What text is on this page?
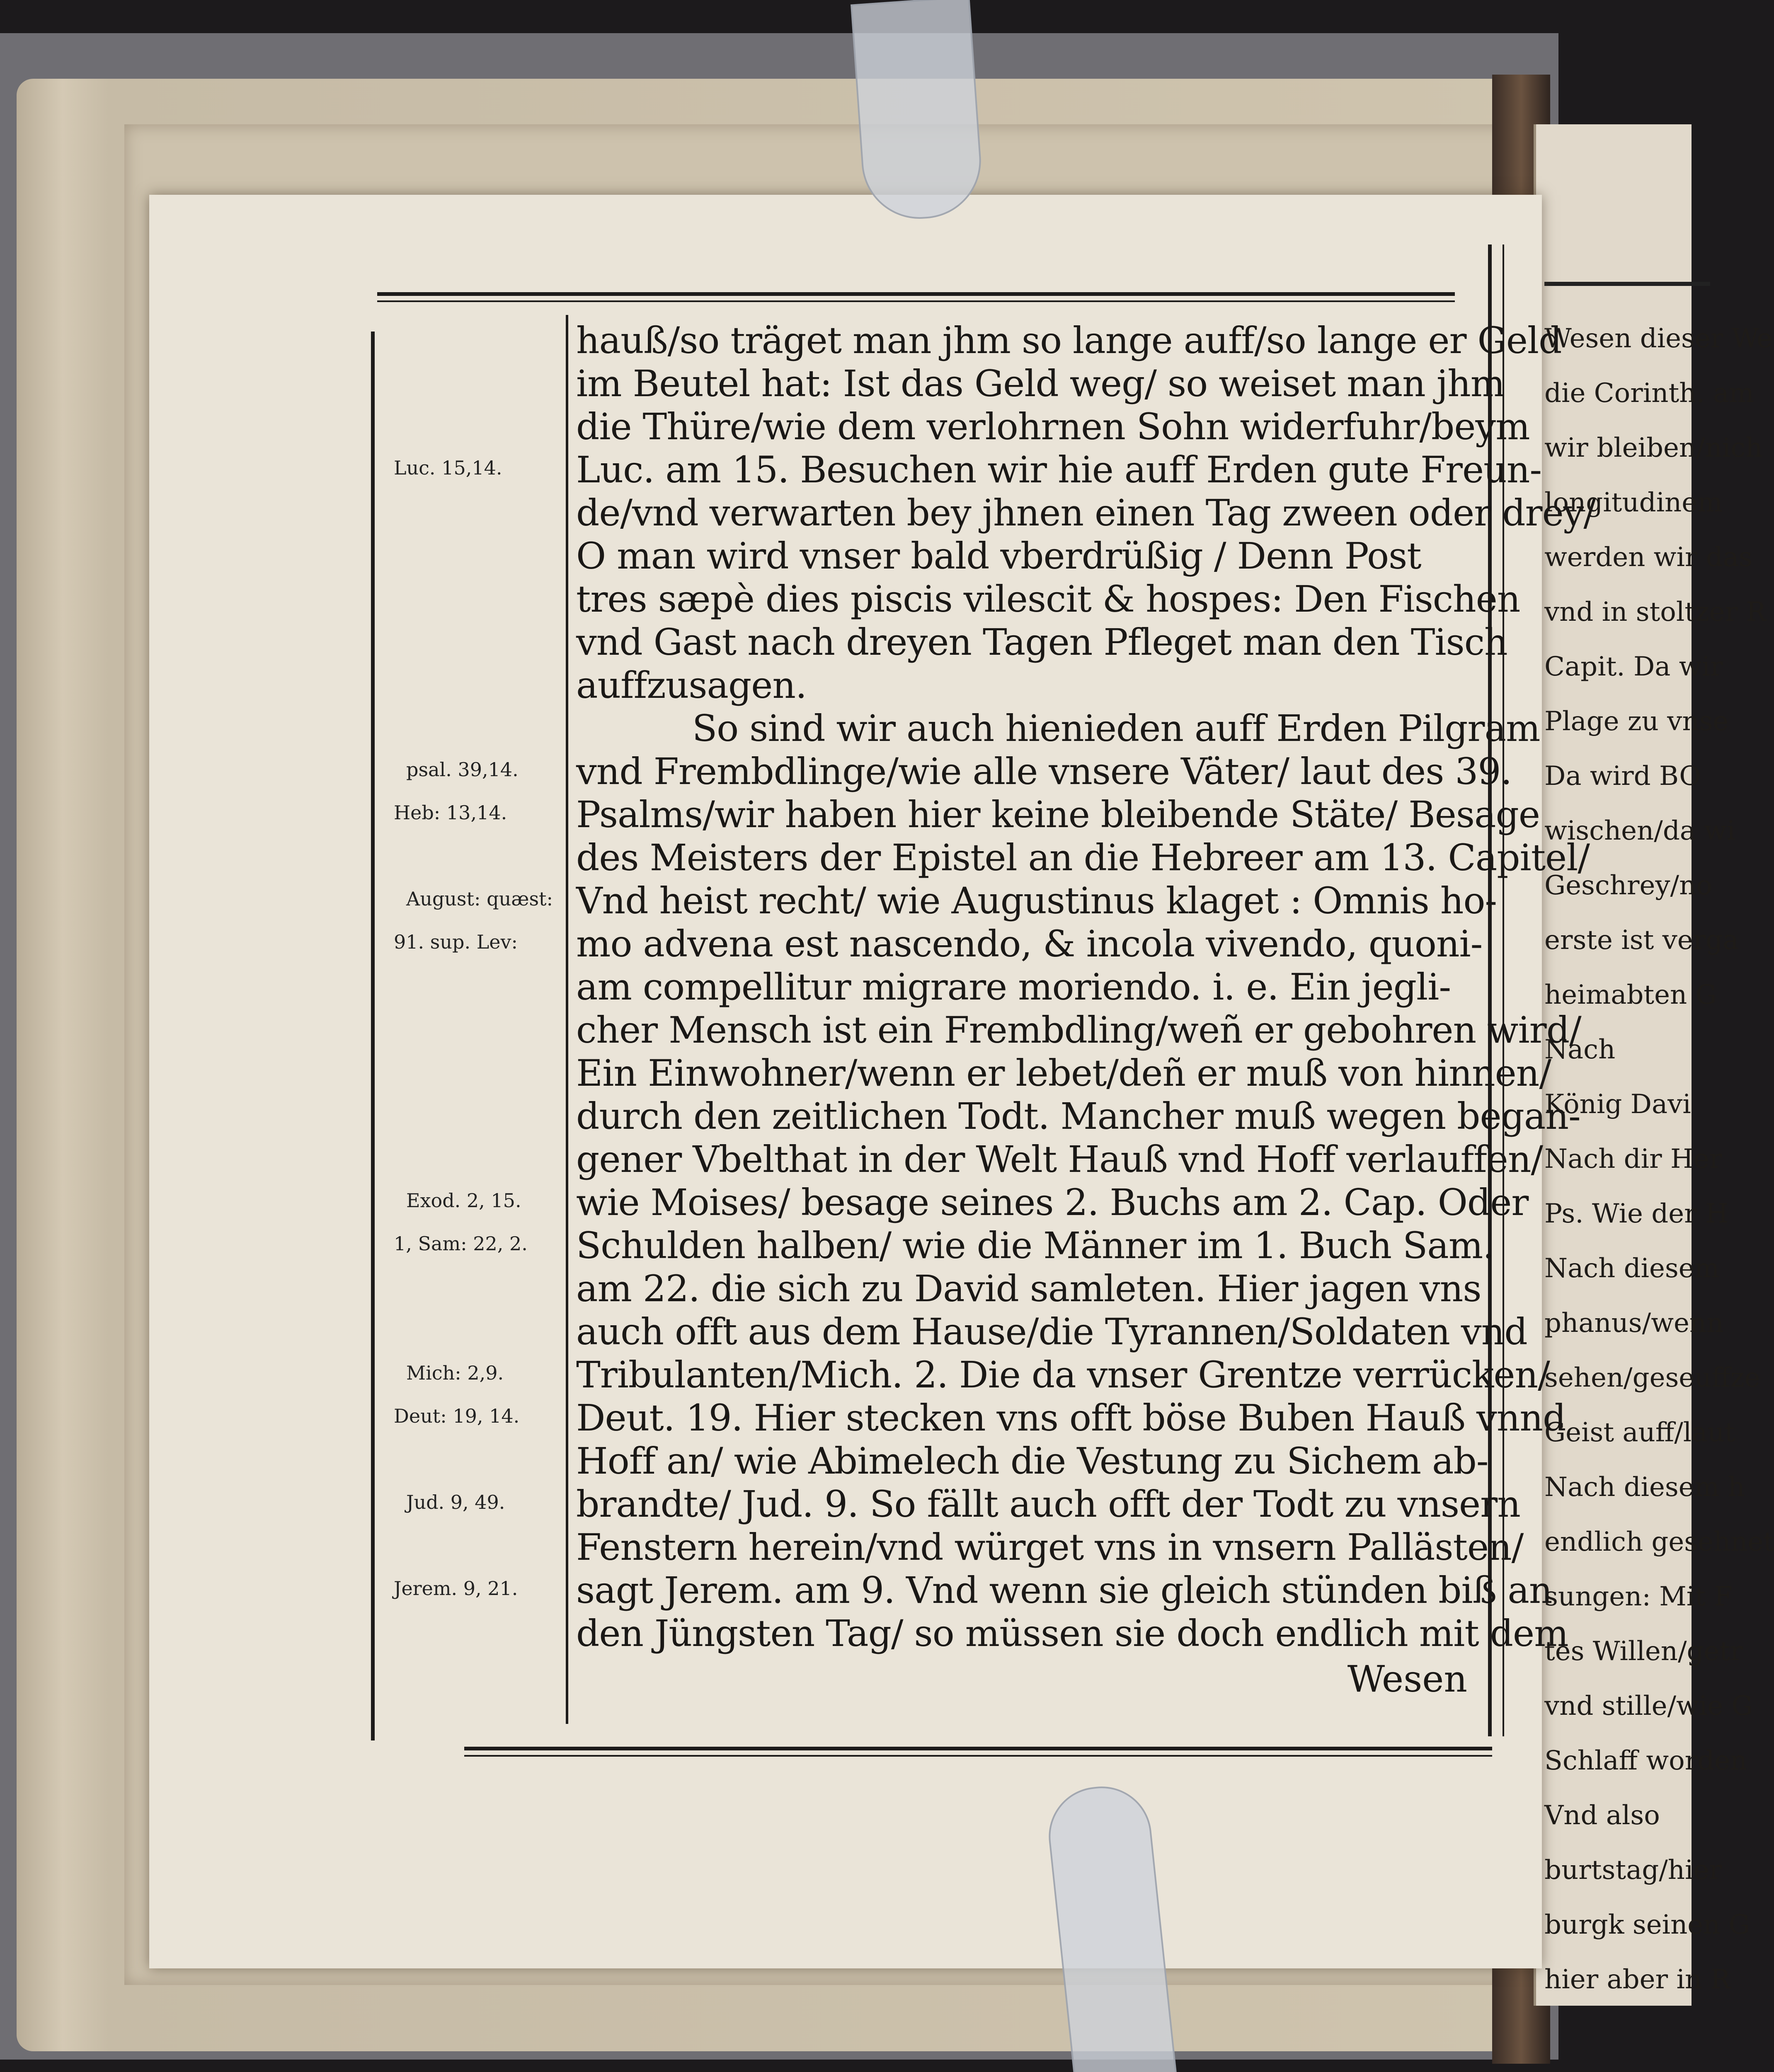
Wesen dieser We
die Corinth. am
wir bleiben/nich
longitudinem
werden wir das
vnd in stoltzer R
Capit. Da wir
Plage zu vnse
Da wird BO
wischen/da wi
Geschrey/no
erste ist verga
heimabten G
Nach
König Davi
Nach dir Her
Ps. Wie der H
Nach diesem
phanus/wenn
sehen/geseuffze
Geist auff/laut
Nach diesem h
endlich gesehnet
sungen: Mit F
tes Willen/getr
vnd stille/wie G
Schlaff worden
Vnd also
burtstag/hier
burgk seinen G
hier aber in R
hauß/so träget man jhm so lange auff/so lange er Geld
im Beutel hat: Ist das Geld weg/ so weiset man jhm
die Thüre/wie dem verlohrnen Sohn widerfuhr/beym
Luc. am 15. Besuchen wir hie auff Erden gute Freun-
de/vnd verwarten bey jhnen einen Tag zween oder drey/
O man wird vnser bald vberdrüßig / Denn Post
tres sæpè dies piscis vilescit & hospes: Den Fischen
vnd Gast nach dreyen Tagen Pfleget man den Tisch
auffzusagen.
So sind wir auch hienieden auff Erden Pilgram
vnd Frembdlinge/wie alle vnsere Väter/ laut des 39.
Psalms/wir haben hier keine bleibende Stäte/ Besage
des Meisters der Epistel an die Hebreer am 13. Capitel/
Vnd heist recht/ wie Augustinus klaget : Omnis ho-
mo advena est nascendo, & incola vivendo, quoni-
am compellitur migrare moriendo. i. e. Ein jegli-
cher Mensch ist ein Frembdling/weñ er gebohren wird/
Ein Einwohner/wenn er lebet/deñ er muß von hinnen/
durch den zeitlichen Todt. Mancher muß wegen began-
gener Vbelthat in der Welt Hauß vnd Hoff verlauffen/
wie Moises/ besage seines 2. Buchs am 2. Cap. Oder
Schulden halben/ wie die Männer im 1. Buch Sam.
am 22. die sich zu David samleten. Hier jagen vns
auch offt aus dem Hause/die Tyrannen/Soldaten vnd
Tribulanten/Mich. 2. Die da vnser Grentze verrücken/
Deut. 19. Hier stecken vns offt böse Buben Hauß vnnd
Hoff an/ wie Abimelech die Vestung zu Sichem ab-
brandte/ Jud. 9. So fällt auch offt der Todt zu vnsern
Fenstern herein/vnd würget vns in vnsern Pallästen/
sagt Jerem. am 9. Vnd wenn sie gleich stünden biß an
den Jüngsten Tag/ so müssen sie doch endlich mit dem
Wesen
Luc. 15,14.
psal. 39,14.
Heb: 13,14.
August: quæst:
91. sup. Lev:
Exod. 2, 15.
1, Sam: 22, 2.
Mich: 2,9.
Deut: 19, 14.
Jud. 9, 49.
Jerem. 9, 21.
